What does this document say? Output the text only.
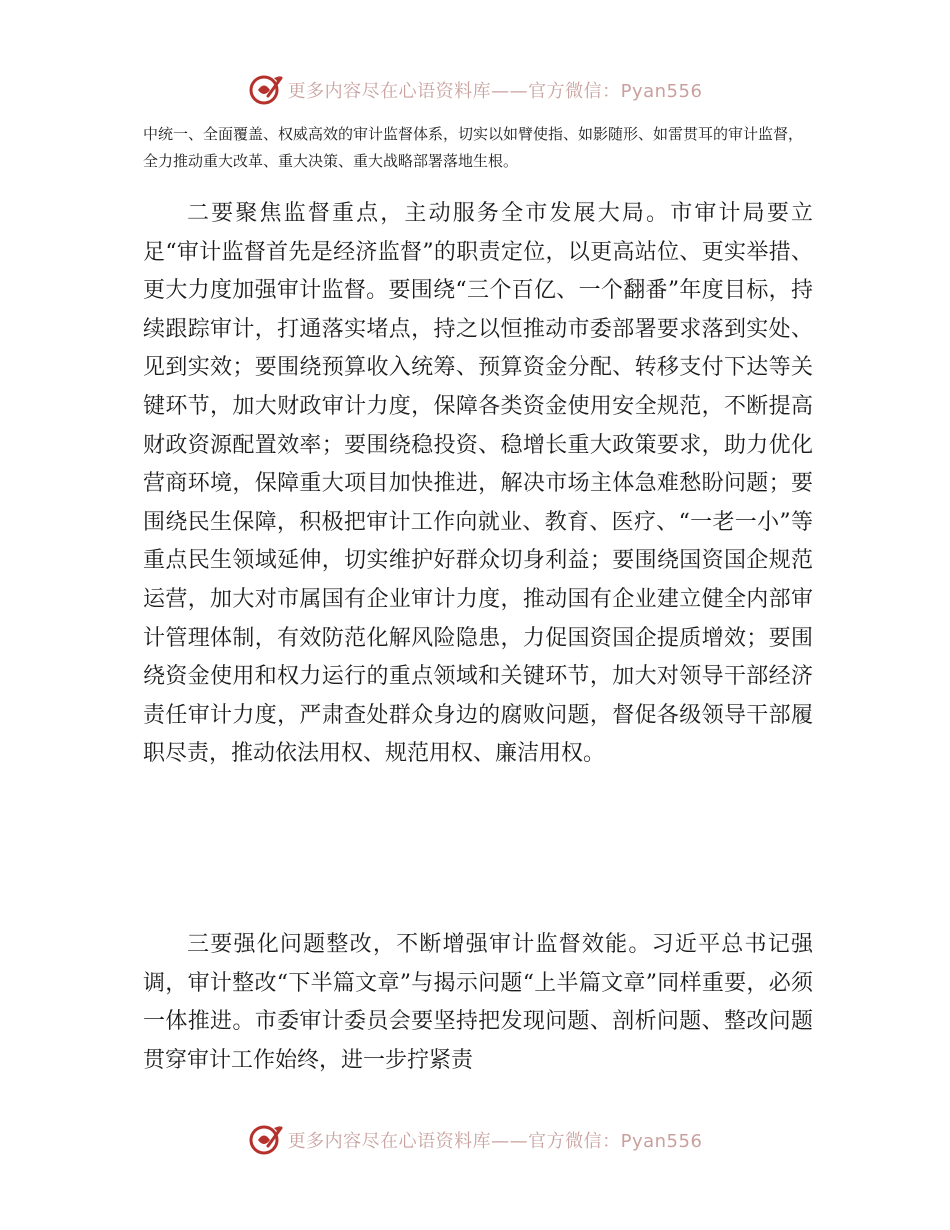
更多内容尽在心语资料库——官方微信：Pyan556

中统一、全面覆盖、权威高效的审计监督体系，切实以如臂使指、如影随形、如雷贯耳的审计监督，全力推动重大改革、重大决策、重大战略部署落地生根。

二要聚焦监督重点，主动服务全市发展大局。市审计局要立足“审计监督首先是经济监督”的职责定位，以更高站位、更实举措、更大力度加强审计监督。要围绕“三个百亿、一个翻番”年度目标，持续跟踪审计，打通落实堵点，持之以恒推动市委部署要求落到实处、见到实效；要围绕预算收入统筹、预算资金分配、转移支付下达等关键环节，加大财政审计力度，保障各类资金使用安全规范，不断提高财政资源配置效率；要围绕稳投资、稳增长重大政策要求，助力优化营商环境，保障重大项目加快推进，解决市场主体急难愁盼问题；要围绕民生保障，积极把审计工作向就业、教育、医疗、“一老一小”等重点民生领域延伸，切实维护好群众切身利益；要围绕国资国企规范运营，加大对市属国有企业审计力度，推动国有企业建立健全内部审计管理体制，有效防范化解风险隐患，力促国资国企提质增效；要围绕资金使用和权力运行的重点领域和关键环节，加大对领导干部经济责任审计力度，严肃查处群众身边的腐败问题，督促各级领导干部履职尽责，推动依法用权、规范用权、廉洁用权。

三要强化问题整改，不断增强审计监督效能。习近平总书记强调，审计整改“下半篇文章”与揭示问题“上半篇文章”同样重要，必须一体推进。市委审计委员会要坚持把发现问题、剖析问题、整改问题贯穿审计工作始终，进一步拧紧责

更多内容尽在心语资料库——官方微信：Pyan556
